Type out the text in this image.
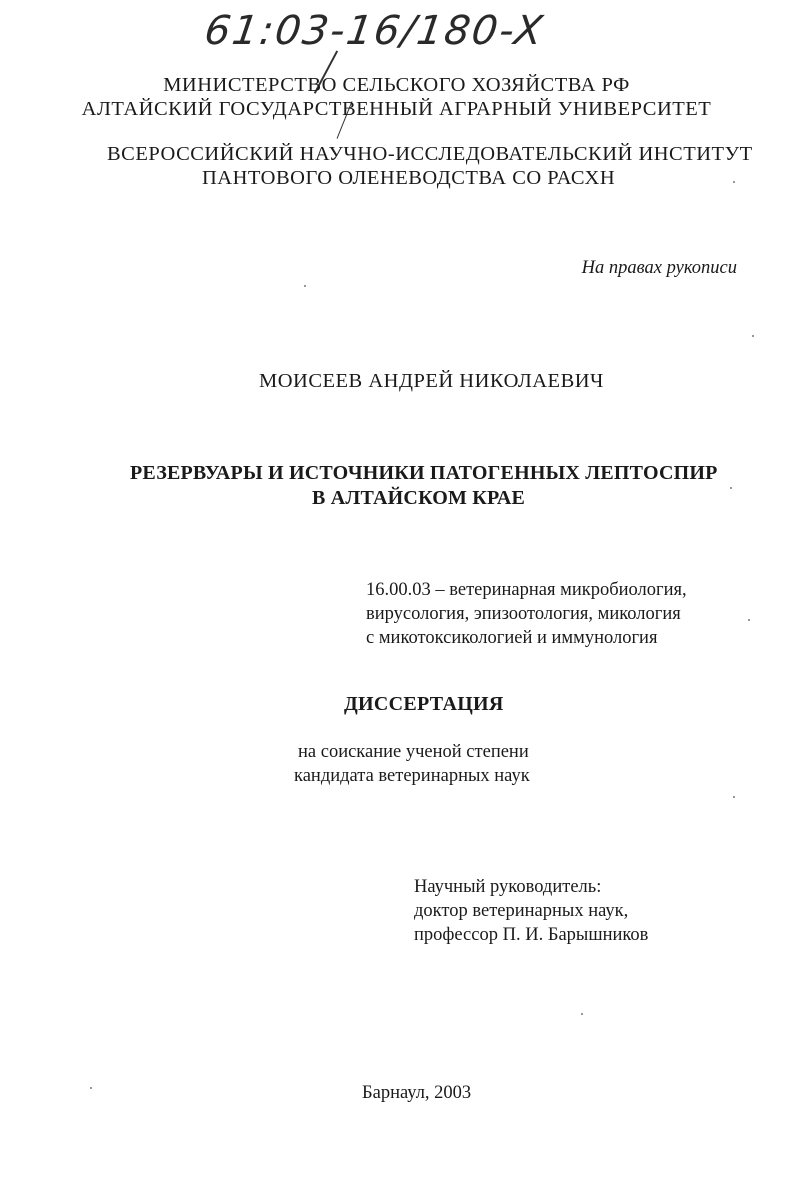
61:03-16/180-X
МИНИСТЕРСТВО СЕЛЬСКОГО ХОЗЯЙСТВА РФ
АЛТАЙСКИЙ ГОСУДАРСТВЕННЫЙ АГРАРНЫЙ УНИВЕРСИТЕТ
ВСЕРОССИЙСКИЙ НАУЧНО-ИССЛЕДОВАТЕЛЬСКИЙ ИНСТИТУТ
ПАНТОВОГО ОЛЕНЕВОДСТВА СО РАСХН
На правах рукописи
МОИСЕЕВ АНДРЕЙ НИКОЛАЕВИЧ
РЕЗЕРВУАРЫ И ИСТОЧНИКИ ПАТОГЕННЫХ ЛЕПТОСПИР
В АЛТАЙСКОМ КРАЕ
16.00.03 – ветеринарная микробиология,
вирусология, эпизоотология, микология
с микотоксикологией и иммунология
ДИССЕРТАЦИЯ
на соискание ученой степени
кандидата ветеринарных наук
Научный руководитель:
доктор ветеринарных наук,
профессор П. И. Барышников
Барнаул, 2003
